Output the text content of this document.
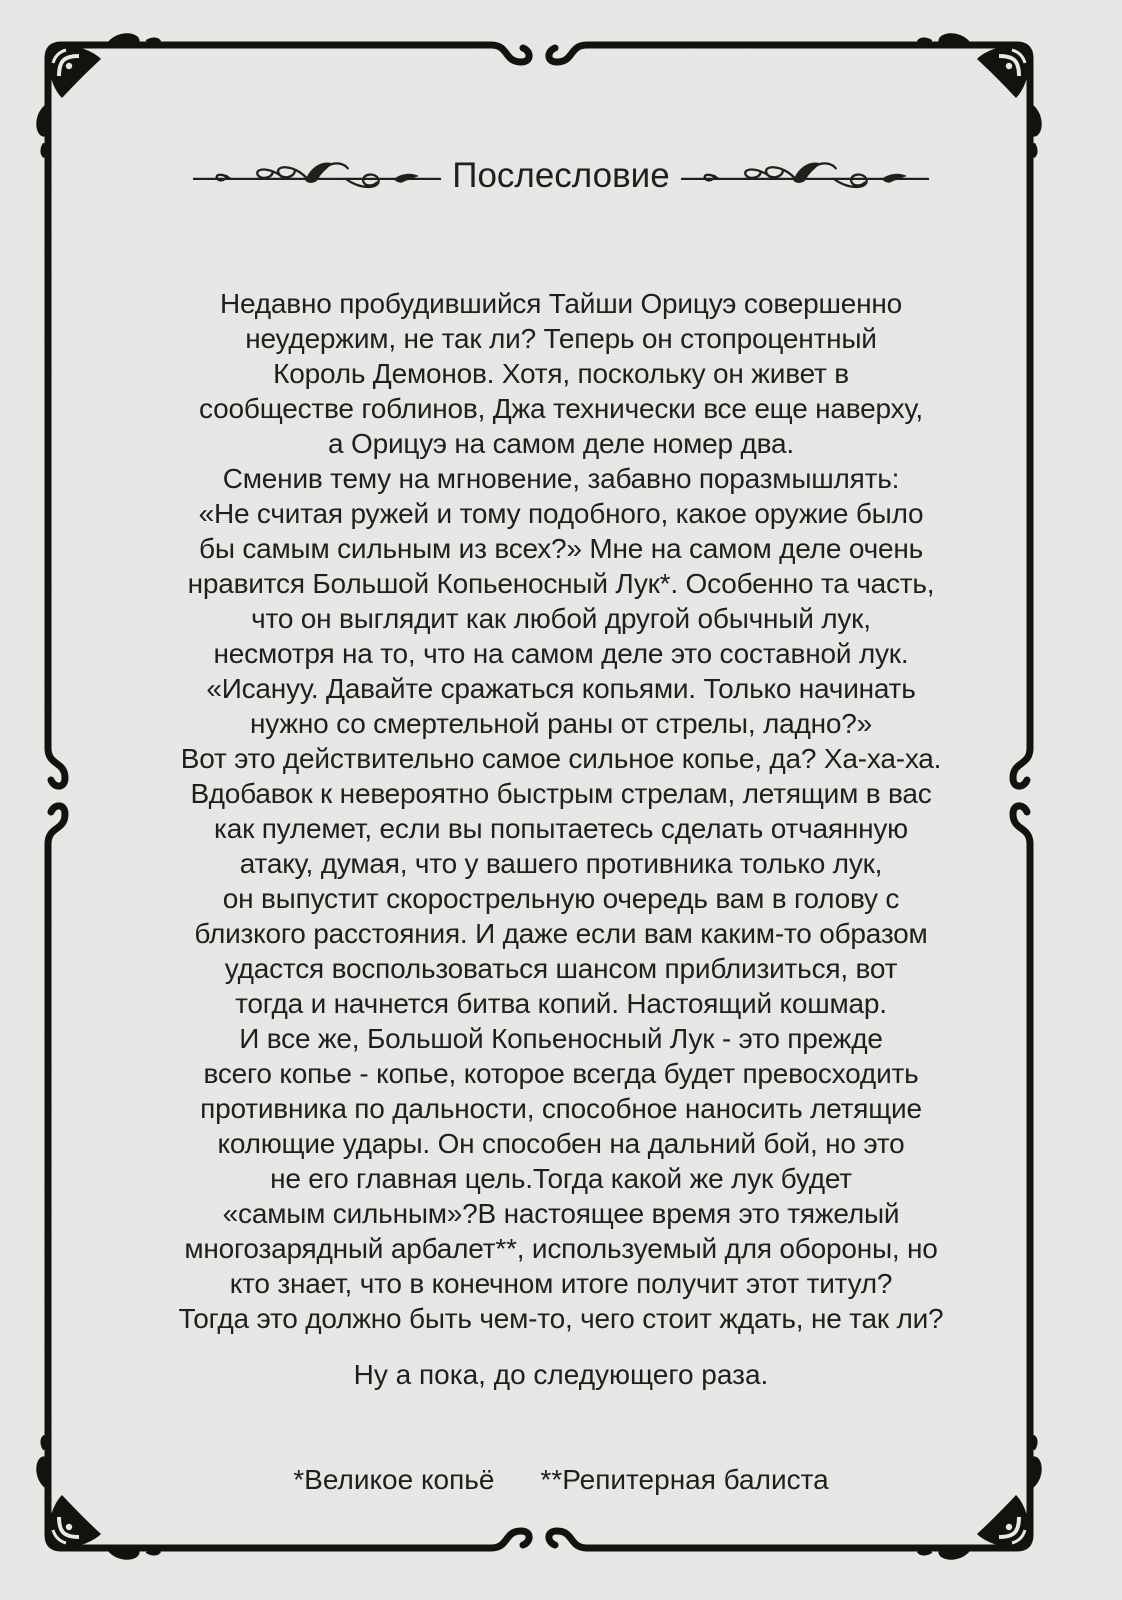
Послесловие
Недавно пробудившийся Тайши Орицуэ совершенно
неудержим, не так ли? Теперь он стопроцентный
Король Демонов. Хотя, поскольку он живет в
сообществе гоблинов, Джа технически все еще наверху,
а Орицуэ на самом деле номер два.
Сменив тему на мгновение, забавно поразмышлять:
«Не считая ружей и тому подобного, какое оружие было
бы самым сильным из всех?» Мне на самом деле очень
нравится Большой Копьеносный Лук*. Особенно та часть,
что он выглядит как любой другой обычный лук,
несмотря на то, что на самом деле это составной лук.
«Исануу. Давайте сражаться копьями. Только начинать
нужно со смертельной раны от стрелы, ладно?»
Вот это действительно самое сильное копье, да? Ха-ха-ха.
Вдобавок к невероятно быстрым стрелам, летящим в вас
как пулемет, если вы попытаетесь сделать отчаянную
атаку, думая, что у вашего противника только лук,
он выпустит скорострельную очередь вам в голову с
близкого расстояния. И даже если вам каким-то образом
удастся воспользоваться шансом приблизиться, вот
тогда и начнется битва копий. Настоящий кошмар.
И все же, Большой Копьеносный Лук - это прежде
всего копье - копье, которое всегда будет превосходить
противника по дальности, способное наносить летящие
колющие удары. Он способен на дальний бой, но это
не его главная цель.Тогда какой же лук будет
«самым сильным»?В настоящее время это тяжелый
многозарядный арбалет**, используемый для обороны, но
кто знает, что в конечном итоге получит этот титул?
Тогда это должно быть чем-то, чего стоит ждать, не так ли?
Ну а пока, до следующего раза.
*Великое копьё **Репитерная балиста
